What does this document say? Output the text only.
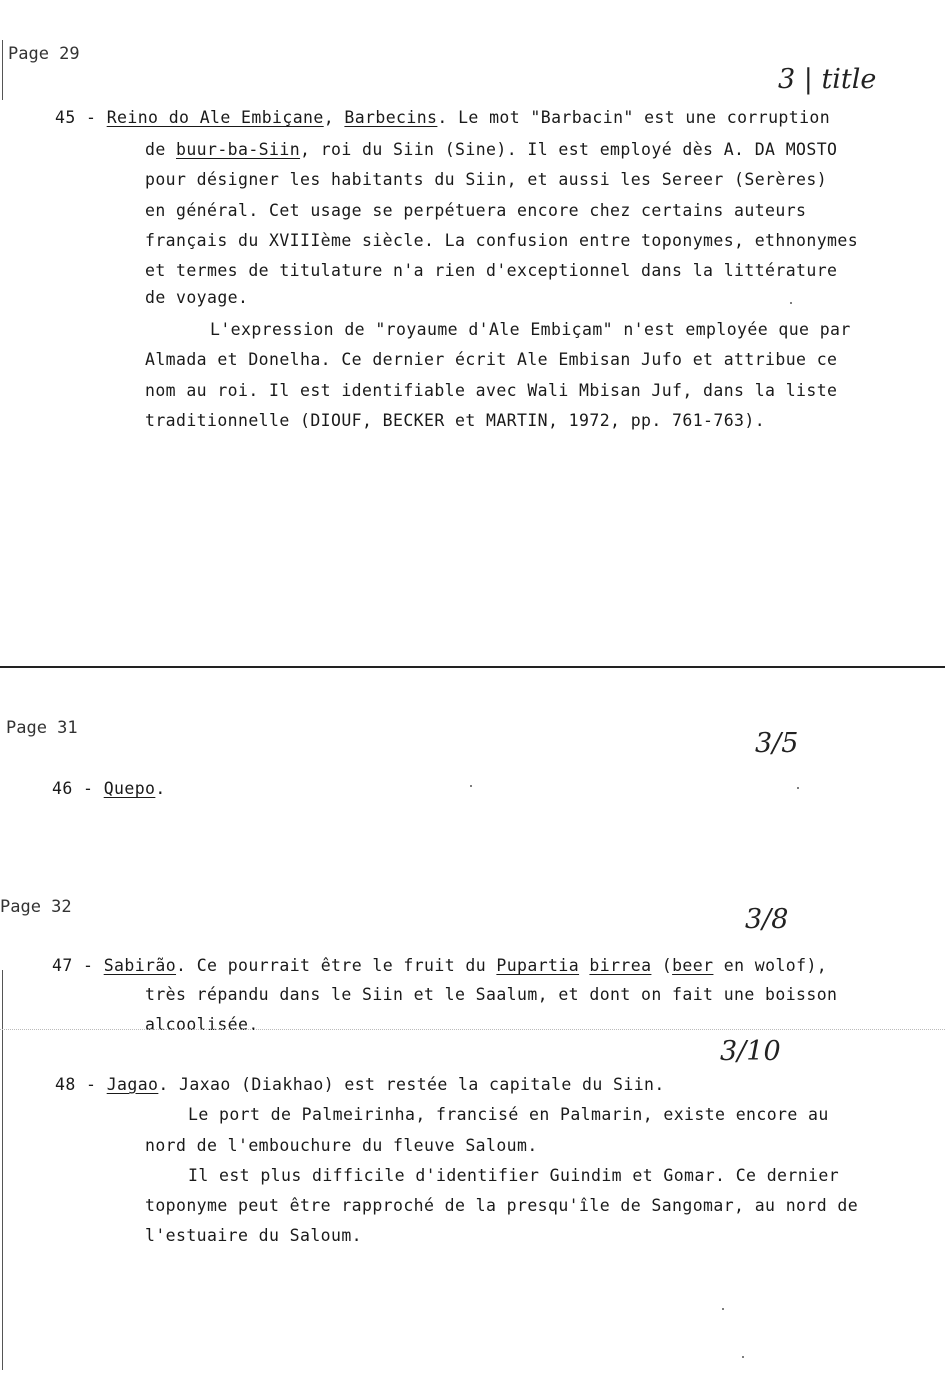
Page 29
3 | title
45 - Reino do Ale Embiçane, Barbecins. Le mot "Barbacin" est une corruption
de buur-ba-Siin, roi du Siin (Sine). Il est employé dès A. DA MOSTO
pour désigner les habitants du Siin, et aussi les Sereer (Serères)
en général. Cet usage se perpétuera encore chez certains auteurs
français du XVIIIème siècle. La confusion entre toponymes, ethnonymes
et termes de titulature n'a rien d'exceptionnel dans la littérature
de voyage.
L'expression de "royaume d'Ale Embiçam" n'est employée que par
Almada et Donelha. Ce dernier écrit Ale Embisan Jufo et attribue ce
nom au roi. Il est identifiable avec Wali Mbisan Juf, dans la liste
traditionnelle (DIOUF, BECKER et MARTIN, 1972, pp. 761-763).
Page 31	3/5
46 - Quepo.
Page 32	3/8
47 - Sabirão. Ce pourrait être le fruit du Pupartia birrea (beer en wolof),
très répandu dans le Siin et le Saalum, et dont on fait une boisson
alcoolisée.
3/10
48 - Jagao. Jaxao (Diakhao) est restée la capitale du Siin.
Le port de Palmeirinha, francisé en Palmarin, existe encore au
nord de l'embouchure du fleuve Saloum.
Il est plus difficile d'identifier Guindim et Gomar. Ce dernier
toponyme peut être rapproché de la presqu'île de Sangomar, au nord de
l'estuaire du Saloum.
